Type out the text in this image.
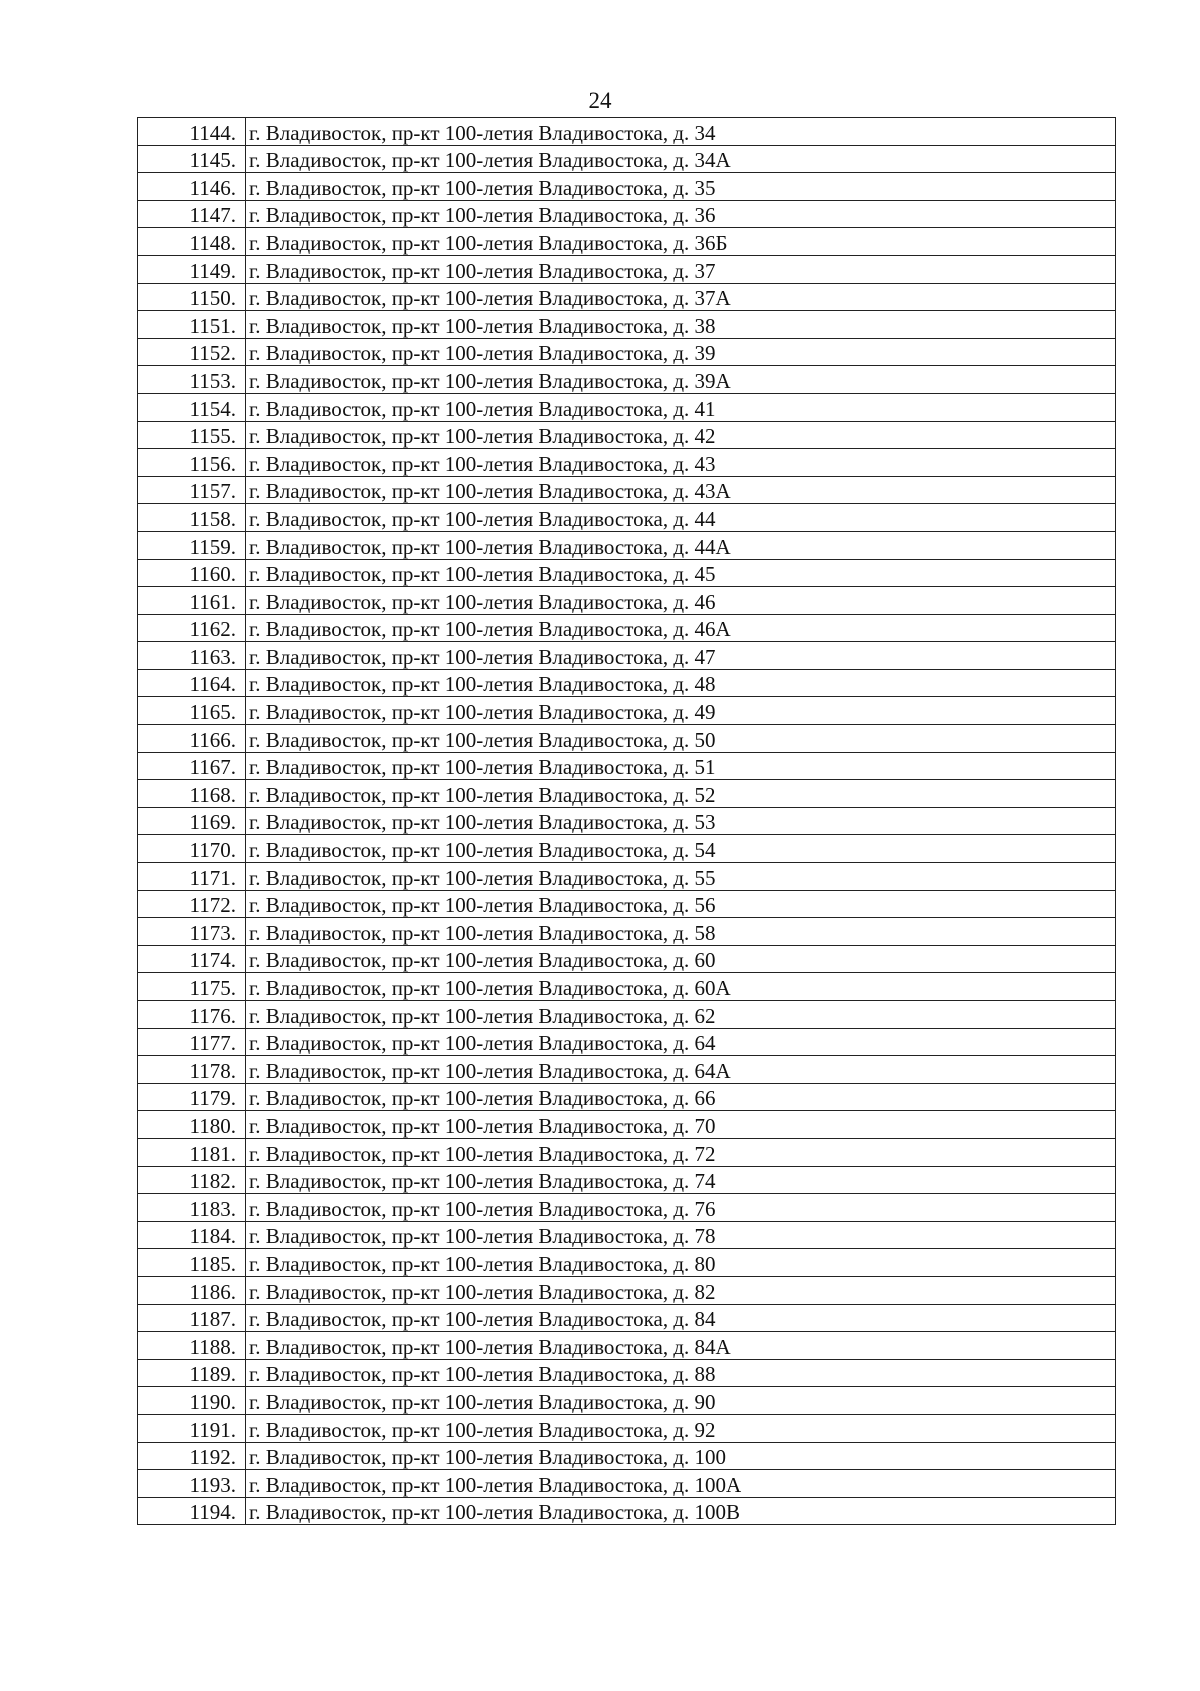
24
1144.	г. Владивосток, пр-кт 100-летия Владивостока, д. 34
1145.	г. Владивосток, пр-кт 100-летия Владивостока, д. 34А
1146.	г. Владивосток, пр-кт 100-летия Владивостока, д. 35
1147.	г. Владивосток, пр-кт 100-летия Владивостока, д. 36
1148.	г. Владивосток, пр-кт 100-летия Владивостока, д. 36Б
1149.	г. Владивосток, пр-кт 100-летия Владивостока, д. 37
1150.	г. Владивосток, пр-кт 100-летия Владивостока, д. 37А
1151.	г. Владивосток, пр-кт 100-летия Владивостока, д. 38
1152.	г. Владивосток, пр-кт 100-летия Владивостока, д. 39
1153.	г. Владивосток, пр-кт 100-летия Владивостока, д. 39А
1154.	г. Владивосток, пр-кт 100-летия Владивостока, д. 41
1155.	г. Владивосток, пр-кт 100-летия Владивостока, д. 42
1156.	г. Владивосток, пр-кт 100-летия Владивостока, д. 43
1157.	г. Владивосток, пр-кт 100-летия Владивостока, д. 43А
1158.	г. Владивосток, пр-кт 100-летия Владивостока, д. 44
1159.	г. Владивосток, пр-кт 100-летия Владивостока, д. 44А
1160.	г. Владивосток, пр-кт 100-летия Владивостока, д. 45
1161.	г. Владивосток, пр-кт 100-летия Владивостока, д. 46
1162.	г. Владивосток, пр-кт 100-летия Владивостока, д. 46А
1163.	г. Владивосток, пр-кт 100-летия Владивостока, д. 47
1164.	г. Владивосток, пр-кт 100-летия Владивостока, д. 48
1165.	г. Владивосток, пр-кт 100-летия Владивостока, д. 49
1166.	г. Владивосток, пр-кт 100-летия Владивостока, д. 50
1167.	г. Владивосток, пр-кт 100-летия Владивостока, д. 51
1168.	г. Владивосток, пр-кт 100-летия Владивостока, д. 52
1169.	г. Владивосток, пр-кт 100-летия Владивостока, д. 53
1170.	г. Владивосток, пр-кт 100-летия Владивостока, д. 54
1171.	г. Владивосток, пр-кт 100-летия Владивостока, д. 55
1172.	г. Владивосток, пр-кт 100-летия Владивостока, д. 56
1173.	г. Владивосток, пр-кт 100-летия Владивостока, д. 58
1174.	г. Владивосток, пр-кт 100-летия Владивостока, д. 60
1175.	г. Владивосток, пр-кт 100-летия Владивостока, д. 60А
1176.	г. Владивосток, пр-кт 100-летия Владивостока, д. 62
1177.	г. Владивосток, пр-кт 100-летия Владивостока, д. 64
1178.	г. Владивосток, пр-кт 100-летия Владивостока, д. 64А
1179.	г. Владивосток, пр-кт 100-летия Владивостока, д. 66
1180.	г. Владивосток, пр-кт 100-летия Владивостока, д. 70
1181.	г. Владивосток, пр-кт 100-летия Владивостока, д. 72
1182.	г. Владивосток, пр-кт 100-летия Владивостока, д. 74
1183.	г. Владивосток, пр-кт 100-летия Владивостока, д. 76
1184.	г. Владивосток, пр-кт 100-летия Владивостока, д. 78
1185.	г. Владивосток, пр-кт 100-летия Владивостока, д. 80
1186.	г. Владивосток, пр-кт 100-летия Владивостока, д. 82
1187.	г. Владивосток, пр-кт 100-летия Владивостока, д. 84
1188.	г. Владивосток, пр-кт 100-летия Владивостока, д. 84А
1189.	г. Владивосток, пр-кт 100-летия Владивостока, д. 88
1190.	г. Владивосток, пр-кт 100-летия Владивостока, д. 90
1191.	г. Владивосток, пр-кт 100-летия Владивостока, д. 92
1192.	г. Владивосток, пр-кт 100-летия Владивостока, д. 100
1193.	г. Владивосток, пр-кт 100-летия Владивостока, д. 100А
1194.	г. Владивосток, пр-кт 100-летия Владивостока, д. 100В
